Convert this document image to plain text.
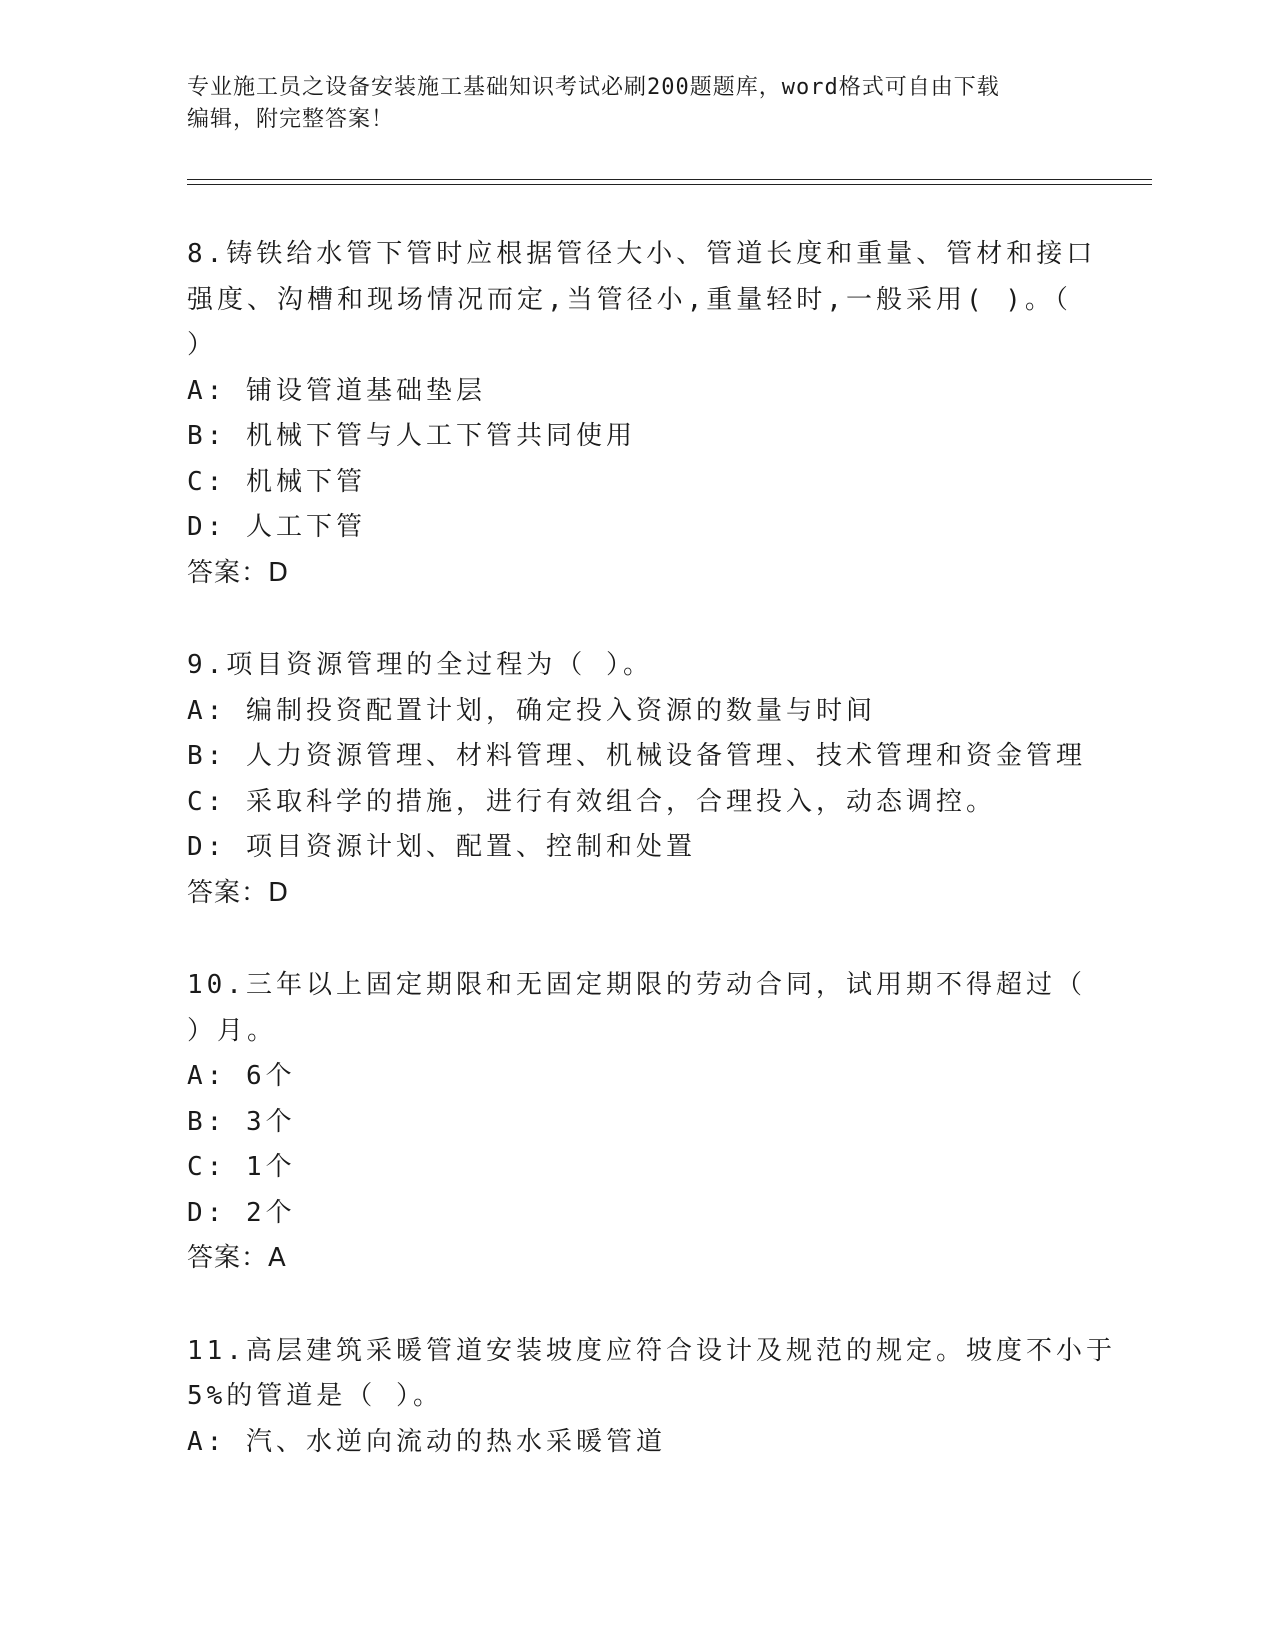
专业施工员之设备安装施工基础知识考试必刷200题题库，word格式可自由下载
编辑，附完整答案！
8.铸铁给水管下管时应根据管径大小、管道长度和重量、管材和接口
强度、沟槽和现场情况而定,当管径小,重量轻时,一般采用( )。（
）
A: 铺设管道基础垫层
B: 机械下管与人工下管共同使用
C: 机械下管
D: 人工下管
答案：D
9.项目资源管理的全过程为（ ）。
A: 编制投资配置计划，确定投入资源的数量与时间
B: 人力资源管理、材料管理、机械设备管理、技术管理和资金管理
C: 采取科学的措施，进行有效组合，合理投入，动态调控。
D: 项目资源计划、配置、控制和处置
答案：D
10.三年以上固定期限和无固定期限的劳动合同，试用期不得超过（
）月。
A: 6个
B: 3个
C: 1个
D: 2个
答案：A
11.高层建筑采暖管道安装坡度应符合设计及规范的规定。坡度不小于
5%的管道是（ ）。
A: 汽、水逆向流动的热水采暖管道
